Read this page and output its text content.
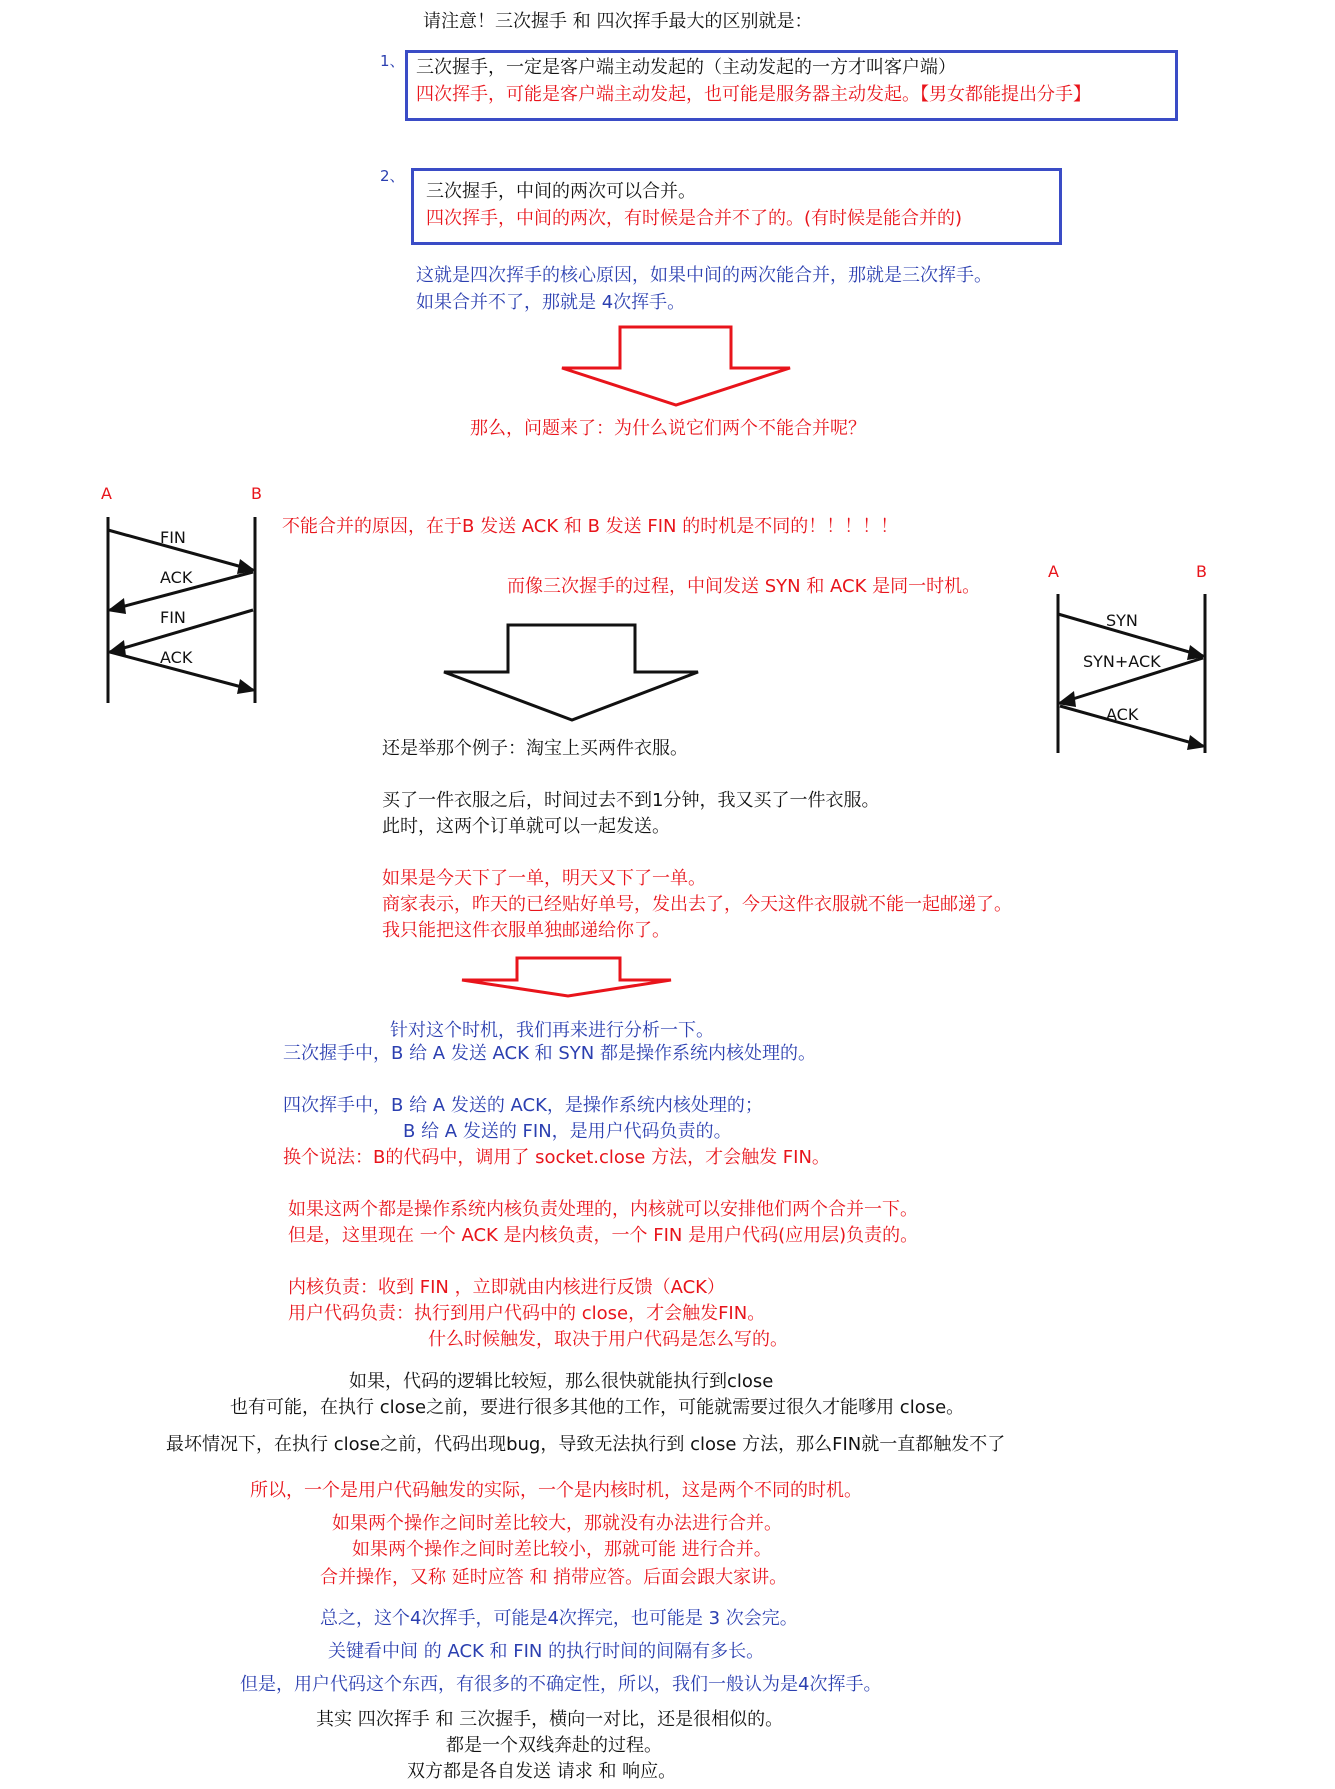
请注意！三次握手 和 四次挥手最大的区别就是：
1、 三次握手，一定是客户端主动发起的（主动发起的一方才叫客户端）
四次挥手，可能是客户端主动发起，也可能是服务器主动发起。【男女都能提出分手】
2、
三次握手，中间的两次可以合并。
四次挥手，中间的两次，有时候是合并不了的。(有时候是能合并的)
这就是四次挥手的核心原因，如果中间的两次能合并，那就是三次挥手。
如果合并不了，那就是 4次挥手。
那么，问题来了：为什么说它们两个不能合并呢？
A	B
FIN
ACK
FIN
ACK
A	B
SYN
SYN+ACK
ACK
不能合并的原因，在于B 发送 ACK 和 B 发送 FIN 的时机是不同的！！！！！
而像三次握手的过程，中间发送 SYN 和 ACK 是同一时机。
还是举那个例子：淘宝上买两件衣服。
买了一件衣服之后，时间过去不到1分钟，我又买了一件衣服。
此时，这两个订单就可以一起发送。
如果是今天下了一单，明天又下了一单。
商家表示，昨天的已经贴好单号，发出去了，今天这件衣服就不能一起邮递了。
我只能把这件衣服单独邮递给你了。
针对这个时机，我们再来进行分析一下。
三次握手中，B 给 A 发送 ACK 和 SYN 都是操作系统内核处理的。
四次挥手中，B 给 A 发送的 ACK，是操作系统内核处理的；
B 给 A 发送的 FIN，是用户代码负责的。
换个说法：B的代码中，调用了 socket.close 方法，才会触发 FIN。
如果这两个都是操作系统内核负责处理的，内核就可以安排他们两个合并一下。
但是，这里现在 一个 ACK 是内核负责，一个 FIN 是用户代码(应用层)负责的。
内核负责：收到 FIN ，立即就由内核进行反馈（ACK）
用户代码负责：执行到用户代码中的 close，才会触发FIN。
什么时候触发，取决于用户代码是怎么写的。
如果，代码的逻辑比较短，那么很快就能执行到close
也有可能，在执行 close之前，要进行很多其他的工作，可能就需要过很久才能嗲用 close。
最坏情况下，在执行 close之前，代码出现bug，导致无法执行到 close 方法，那么FIN就一直都触发不了
所以，一个是用户代码触发的实际，一个是内核时机，这是两个不同的时机。
如果两个操作之间时差比较大，那就没有办法进行合并。
如果两个操作之间时差比较小，那就可能 进行合并。
合并操作，又称 延时应答 和 捎带应答。后面会跟大家讲。
总之，这个4次挥手，可能是4次挥完，也可能是 3 次会完。
关键看中间 的 ACK 和 FIN 的执行时间的间隔有多长。
但是，用户代码这个东西，有很多的不确定性，所以，我们一般认为是4次挥手。
其实 四次挥手 和 三次握手，横向一对比，还是很相似的。
都是一个双线奔赴的过程。
双方都是各自发送 请求 和 响应。
